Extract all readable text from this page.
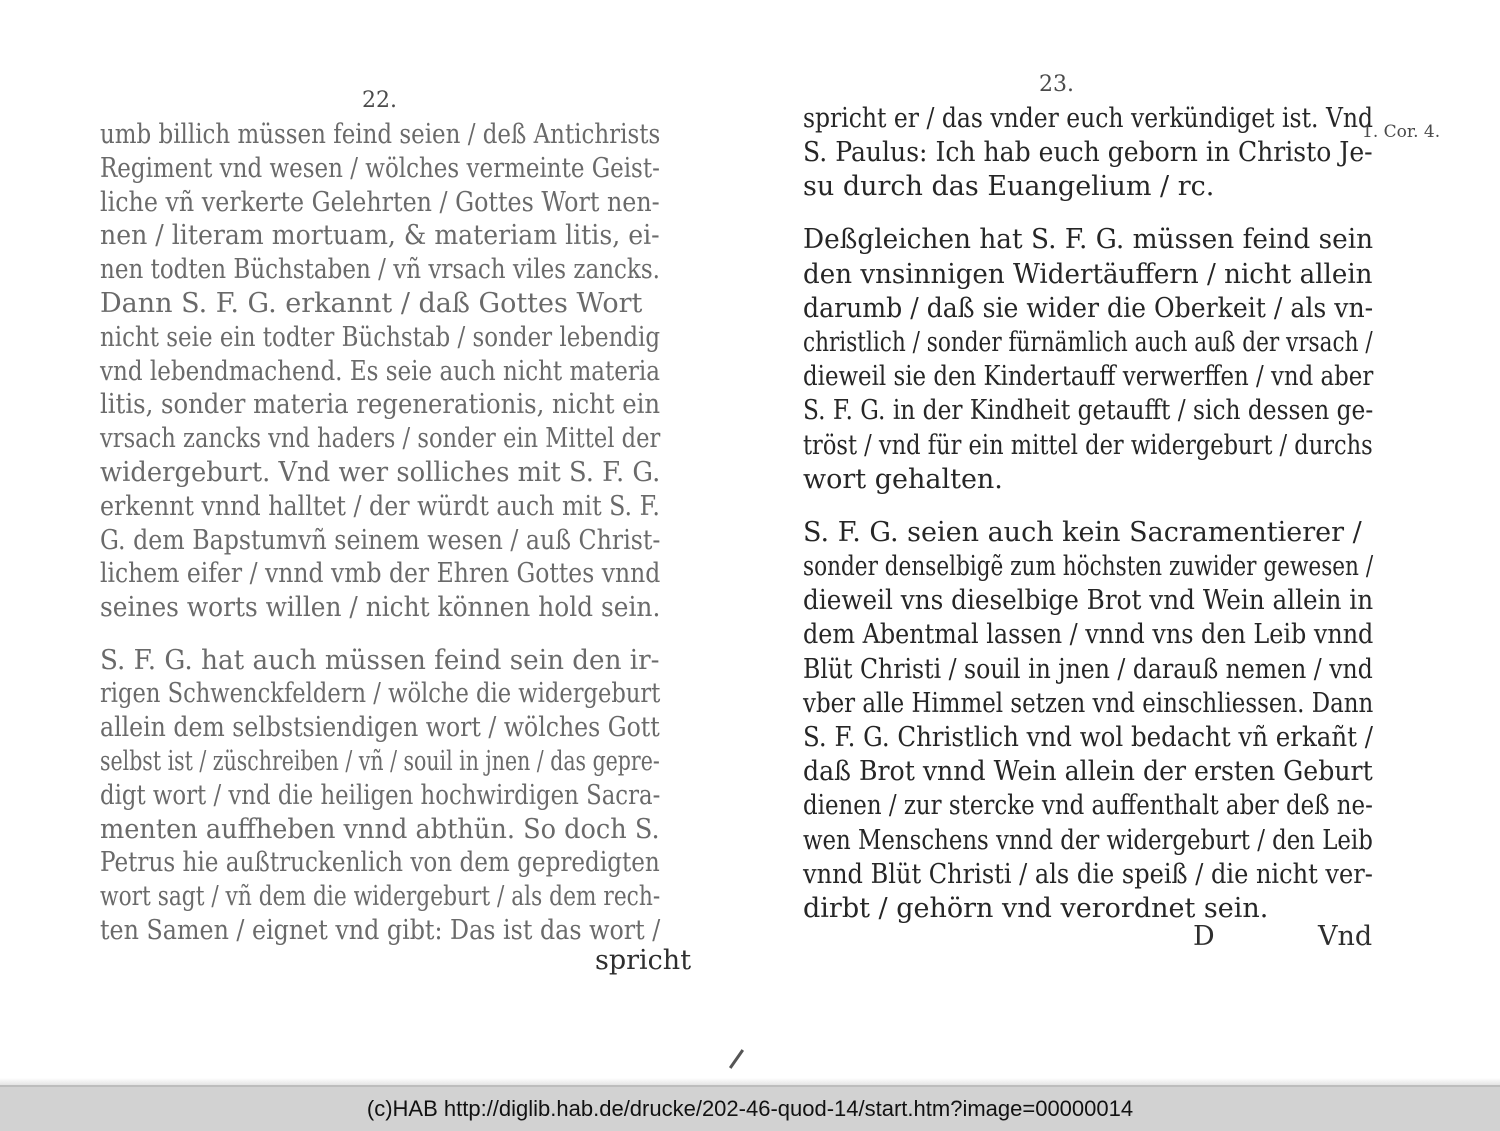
22.
umb billich müssen feind seien / deß Antichrists
Regiment vnd wesen / wölches vermeinte Geist-
liche vñ verkerte Gelehrten / Gottes Wort nen-
nen / literam mortuam, & materiam litis, ei-
nen todten Büchstaben / vñ vrsach viles zancks.
Dann S. F. G. erkannt / daß Gottes Wort
nicht seie ein todter Büchstab / sonder lebendig
vnd lebendmachend. Es seie auch nicht materia
litis, sonder materia regenerationis, nicht ein
vrsach zancks vnd haders / sonder ein Mittel der
widergeburt. Vnd wer solliches mit S. F. G.
erkennt vnnd halltet / der würdt auch mit S. F.
G. dem Bapstumvñ seinem wesen / auß Christ-
lichem eifer / vnnd vmb der Ehren Gottes vnnd
seines worts willen / nicht können hold sein.
S. F. G. hat auch müssen feind sein den ir-
rigen Schwenckfeldern / wölche die widergeburt
allein dem selbstsiendigen wort / wölches Gott
selbst ist / züschreiben / vñ / souil in jnen / das gepre-
digt wort / vnd die heiligen hochwirdigen Sacra-
menten auffheben vnnd abthün. So doch S.
Petrus hie außtruckenlich von dem gepredigten
wort sagt / vñ dem die widergeburt / als dem rech-
ten Samen / eignet vnd gibt: Das ist das wort /
spricht
23.
spricht er / das vnder euch verkündiget ist. Vnd
S. Paulus: Ich hab euch geborn in Christo Je-
su durch das Euangelium / rc.
Deßgleichen hat S. F. G. müssen feind sein
den vnsinnigen Widertäuffern / nicht allein
darumb / daß sie wider die Oberkeit / als vn-
christlich / sonder fürnämlich auch auß der vrsach /
dieweil sie den Kindertauff verwerffen / vnd aber
S. F. G. in der Kindheit getaufft / sich dessen ge-
tröst / vnd für ein mittel der widergeburt / durchs
wort gehalten.
S. F. G. seien auch kein Sacramentierer /
sonder denselbigẽ zum höchsten zuwider gewesen /
dieweil vns dieselbige Brot vnd Wein allein in
dem Abentmal lassen / vnnd vns den Leib vnnd
Blüt Christi / souil in jnen / darauß nemen / vnd
vber alle Himmel setzen vnd einschliessen. Dann
S. F. G. Christlich vnd wol bedacht vñ erkañt /
daß Brot vnnd Wein allein der ersten Geburt
dienen / zur stercke vnd auffenthalt aber deß ne-
wen Menschens vnnd der widergeburt / den Leib
vnnd Blüt Christi / als die speiß / die nicht ver-
dirbt / gehörn vnd verordnet sein.
D	Vnd
1. Cor. 4.
(c)HAB http://diglib.hab.de/drucke/202-46-quod-14/start.htm?image=00000014
